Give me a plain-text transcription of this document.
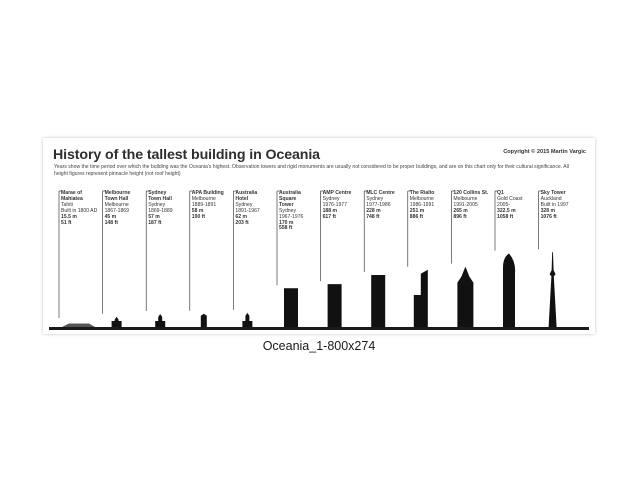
History of the tallest building in Oceania	Copyright © 2015 Martin Vargic
Years show the time period over which the building was the Oceania's highest. Observation towers and rigid monuments are usually not considered to be proper buildings, and are on this chart only for their cultural significance. All height figures represent pinnacle height (not roof height)
Marae of
Mahiatea
Tahiti
Built in 1800 AD
15.5 m
51 ft
Melbourne
Town Hall
Melbourne
1867-1869
45 m
148 ft
Sydney
Town Hall
Sydney
1869-1889
57 m
187 ft
APA Building
Melbourne
1889-1891
58 m
190 ft
Australia
Hotel
Sydney
1891-1967
62 m
203 ft
Australia
Square
Tower
Sydney
1967-1976
170 m
558 ft
AMP Centre
Sydney
1976-1977
188 m
617 ft
MLC Centre
Sydney
1977-1986
228 m
748 ft
The Rialto
Melbourne
1986-1991
251 m
886 ft
120 Collins St.
Melbourne
1991-2005
265 m
896 ft
Q1
Gold Coast
2005-
322.5 m
1058 ft
Sky Tower
Auckland
Built in 1997
328 m
1076 ft
Oceania_1-800x274
